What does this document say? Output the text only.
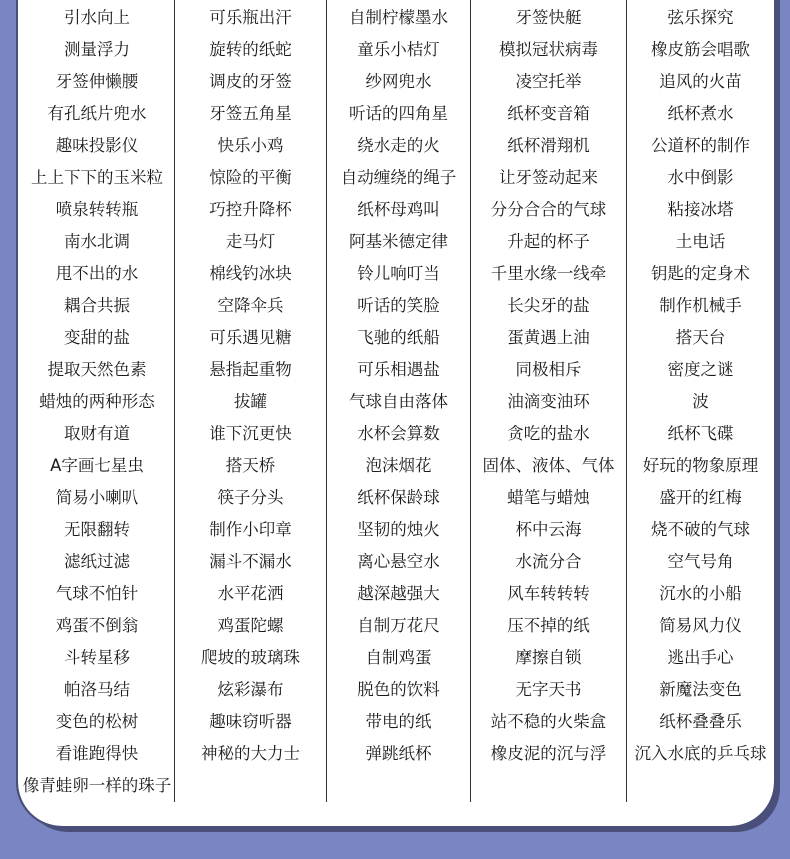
引水向上
测量浮力
牙签伸懒腰
有孔纸片兜水
趣味投影仪
上上下下的玉米粒
喷泉转转瓶
南水北调
甩不出的水
耦合共振
变甜的盐
提取天然色素
蜡烛的两种形态
取财有道
A字画七星虫
简易小喇叭
无限翻转
滤纸过滤
气球不怕针
鸡蛋不倒翁
斗转星移
帕洛马结
变色的松树
看谁跑得快
像青蛙卵一样的珠子
可乐瓶出汗
旋转的纸蛇
调皮的牙签
牙签五角星
快乐小鸡
惊险的平衡
巧控升降杯
走马灯
棉线钓冰块
空降伞兵
可乐遇见糖
悬指起重物
拔罐
谁下沉更快
搭天桥
筷子分头
制作小印章
漏斗不漏水
水平花洒
鸡蛋陀螺
爬坡的玻璃珠
炫彩瀑布
趣味窃听器
神秘的大力士
自制柠檬墨水
童乐小桔灯
纱网兜水
听话的四角星
绕水走的火
自动缠绕的绳子
纸杯母鸡叫
阿基米德定律
铃儿响叮当
听话的笑脸
飞驰的纸船
可乐相遇盐
气球自由落体
水杯会算数
泡沫烟花
纸杯保龄球
坚韧的烛火
离心悬空水
越深越强大
自制万花尺
自制鸡蛋
脱色的饮料
带电的纸
弹跳纸杯
牙签快艇
模拟冠状病毒
凌空托举
纸杯变音箱
纸杯滑翔机
让牙签动起来
分分合合的气球
升起的杯子
千里水缘一线牵
长尖牙的盐
蛋黄遇上油
同极相斥
油滴变油环
贪吃的盐水
固体、液体、气体
蜡笔与蜡烛
杯中云海
水流分合
风车转转转
压不掉的纸
摩擦自锁
无字天书
站不稳的火柴盒
橡皮泥的沉与浮
弦乐探究
橡皮筋会唱歌
追风的火苗
纸杯煮水
公道杯的制作
水中倒影
粘接冰塔
土电话
钥匙的定身术
制作机械手
搭天台
密度之谜
波
纸杯飞碟
好玩的物象原理
盛开的红梅
烧不破的气球
空气号角
沉水的小船
简易风力仪
逃出手心
新魔法变色
纸杯叠叠乐
沉入水底的乒乓球
